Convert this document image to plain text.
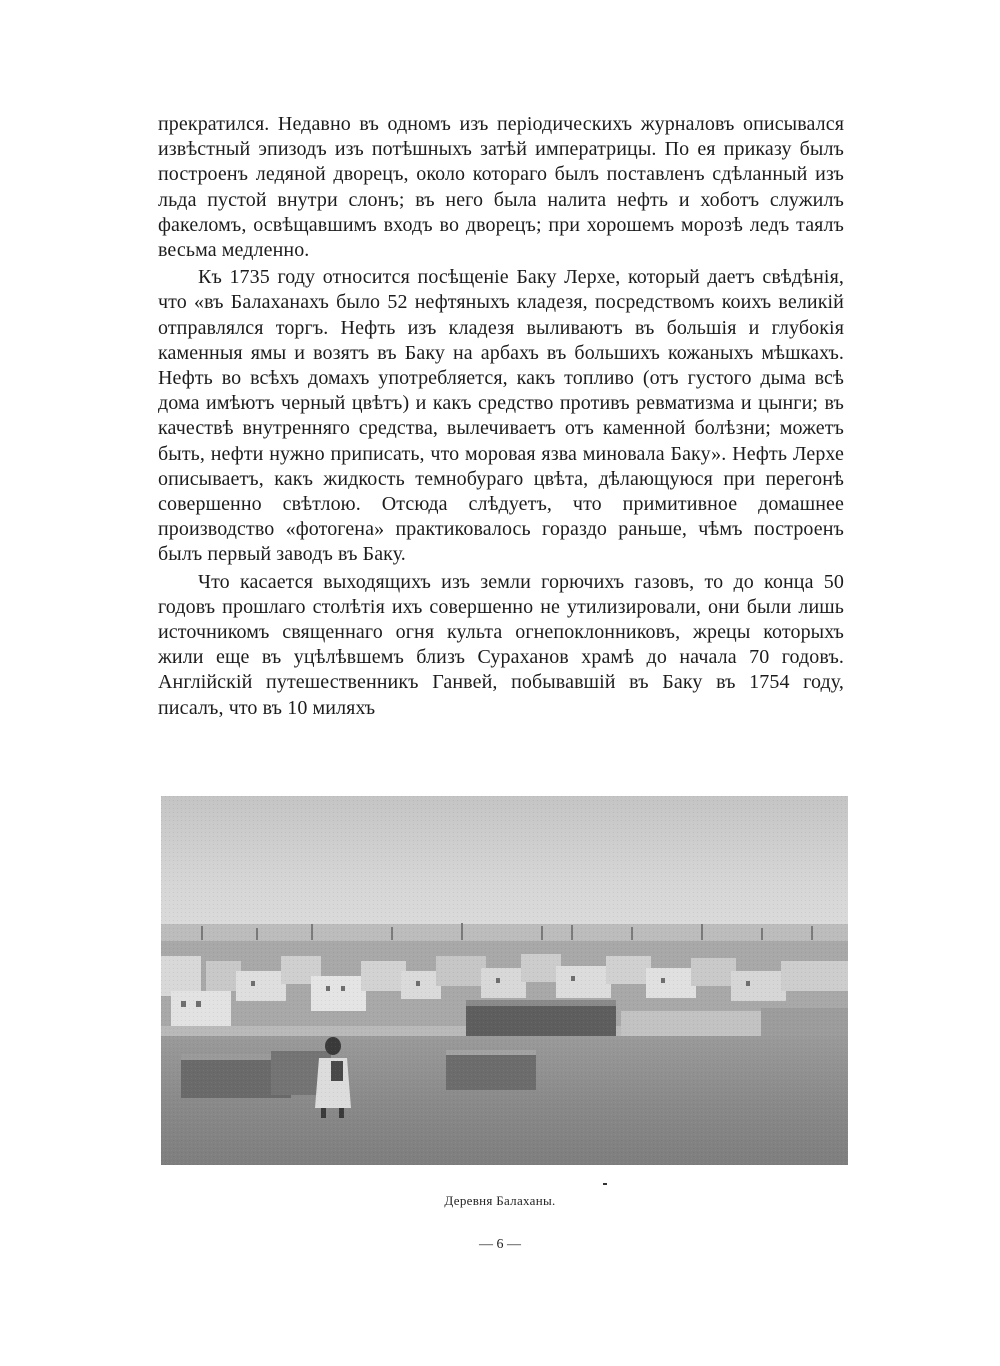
прекратился. Недавно въ одномъ изъ періодическихъ журналовъ описывался извѣстный эпизодъ изъ потѣшныхъ затѣй императрицы. По ея приказу былъ построенъ ледяной дворецъ, около котораго былъ поставленъ сдѣланный изъ льда пустой внутри слонъ; въ него была налита нефть и хоботъ служилъ факеломъ, освѣщавшимъ входъ во дворецъ; при хорошемъ морозѣ ледъ таялъ весьма медленно.

Къ 1735 году относится посѣщеніе Баку Лерхе, который даетъ свѣдѣнія, что «въ Балаханахъ было 52 нефтяныхъ кладезя, посредствомъ коихъ великій отправлялся торгъ. Нефть изъ кладезя выливаютъ въ большія и глубокія каменныя ямы и возятъ въ Баку на арбахъ въ большихъ кожаныхъ мѣшкахъ. Нефть во всѣхъ домахъ употребляется, какъ топливо (отъ густого дыма всѣ дома имѣютъ черный цвѣтъ) и какъ средство противъ ревматизма и цынги; въ качествѣ внутренняго средства, вылечиваетъ отъ каменной болѣзни; можетъ быть, нефти нужно приписать, что моровая язва миновала Баку». Нефть Лерхе описываетъ, какъ жидкость темнобураго цвѣта, дѣлающуюся при перегонѣ совершенно свѣтлою. Отсюда слѣдуетъ, что примитивное домашнее производство «фотогена» практиковалось гораздо раньше, чѣмъ построенъ былъ первый заводъ въ Баку.

Что касается выходящихъ изъ земли горючихъ газовъ, то до конца 50 годовъ прошлаго столѣтія ихъ совершенно не утилизировали, они были лишь источникомъ священнаго огня культа огнепоклонниковъ, жрецы которыхъ жили еще въ уцѣлѣвшемъ близъ Сураханов храмѣ до начала 70 годовъ. Англійскій путешественникъ Ганвей, побывавшій въ Баку въ 1754 году, писалъ, что въ 10 миляхъ

Деревня Балаханы.
— 6 —
